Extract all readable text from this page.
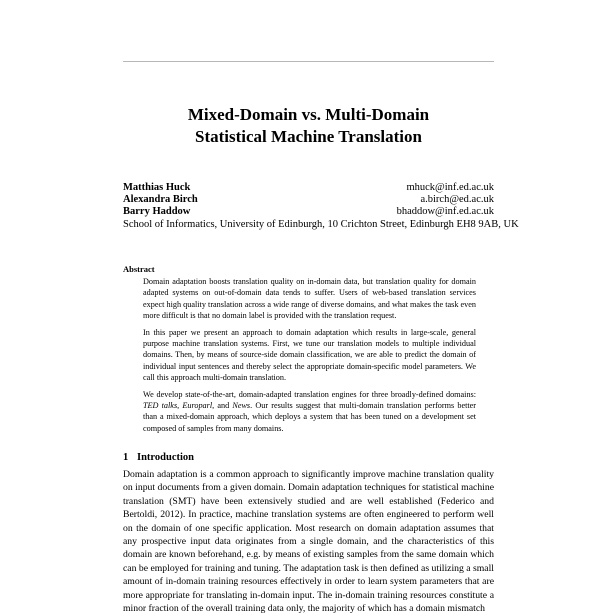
Mixed-Domain vs. Multi-Domain
Statistical Machine Translation
Matthias Huck	mhuck@inf.ed.ac.uk
Alexandra Birch	a.birch@ed.ac.uk
Barry Haddow	bhaddow@inf.ed.ac.uk
School of Informatics, University of Edinburgh, 10 Crichton Street, Edinburgh EH8 9AB, UK
Abstract

Domain adaptation boosts translation quality on in-domain data, but translation quality for domain adapted systems on out-of-domain data tends to suffer. Users of web-based translation services expect high quality translation across a wide range of diverse domains, and what makes the task even more difficult is that no domain label is provided with the translation request.

In this paper we present an approach to domain adaptation which results in large-scale, general purpose machine translation systems. First, we tune our translation models to multiple individual domains. Then, by means of source-side domain classification, we are able to predict the domain of individual input sentences and thereby select the appropriate domain-specific model parameters. We call this approach multi-domain translation.

We develop state-of-the-art, domain-adapted translation engines for three broadly-defined domains: TED talks, Europarl, and News. Our results suggest that multi-domain translation performs better than a mixed-domain approach, which deploys a system that has been tuned on a development set composed of samples from many domains.

1 Introduction

Domain adaptation is a common approach to significantly improve machine translation quality on input documents from a given domain. Domain adaptation techniques for statistical machine translation (SMT) have been extensively studied and are well established (Federico and Bertoldi, 2012). In practice, machine translation systems are often engineered to perform well on the domain of one specific application. Most research on domain adaptation assumes that any prospective input data originates from a single domain, and the characteristics of this domain are known beforehand, e.g. by means of existing samples from the same domain which can be employed for training and tuning. The adaptation task is then defined as utilizing a small amount of in-domain training resources effectively in order to learn system parameters that are more appropriate for translating in-domain input. The in-domain training resources constitute a minor fraction of the overall training data only, the majority of which has a domain mismatch
